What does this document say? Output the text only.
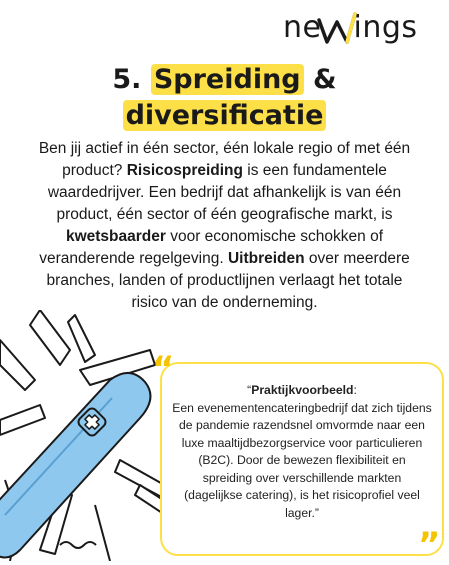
ne ings
5. Spreiding &
diversificatie
Ben jij actief in één sector, één lokale regio of met één product? Risicospreiding is een fundamentele waardedrijver. Een bedrijf dat afhankelijk is van één product, één sector of één geografische markt, is kwetsbaarder voor economische schokken of veranderende regelgeving. Uitbreiden over meerdere branches, landen of productlijnen verlaagt het totale risico van de onderneming.
“
”
“Praktijkvoorbeeld:
Een evenementencateringbedrijf dat zich tijdens de pandemie razendsnel omvormde naar een luxe maaltijdbezorgservice voor particulieren (B2C). Door de bewezen flexibiliteit en spreiding over verschillende markten (dagelijkse catering), is het risicoprofiel veel lager.”
